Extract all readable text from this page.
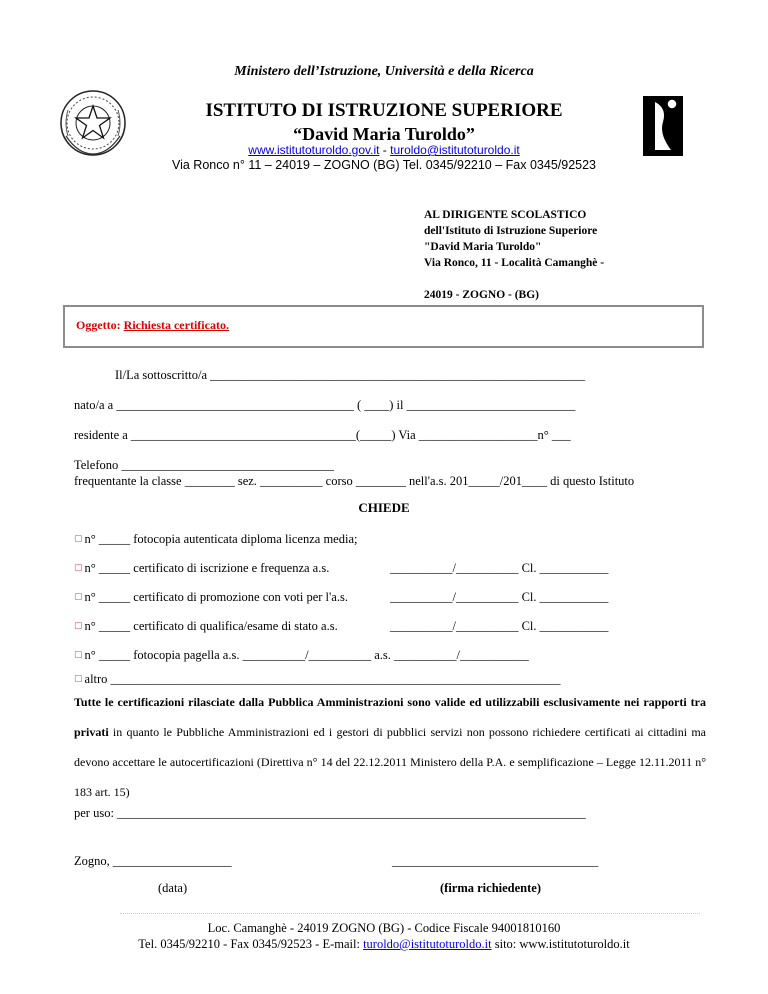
Ministero dell’Istruzione, Università e della Ricerca
ISTITUTO DI ISTRUZIONE SUPERIORE
“David Maria Turoldo”
www.istitutoturoldo.gov.it - turoldo@istitutoturoldo.it
Via Ronco n° 11 – 24019 – ZOGNO (BG) Tel. 0345/92210 – Fax 0345/92523
AL DIRIGENTE SCOLASTICO
dell'Istituto di Istruzione Superiore
"David Maria Turoldo"
Via Ronco, 11 - Località Camanghè -
24019 - ZOGNO - (BG)
Oggetto: Richiesta certificato.
Il/La sottoscritto/a ____________________________________________________________
nato/a a ______________________________________ ( ____) il ___________________________
residente a ____________________________________(_____) Via ___________________n° ___
Telefono __________________________________
frequentante la classe ________ sez. __________ corso ________ nell'a.s. 201_____/201____ di questo Istituto
CHIEDE
▢ n° _____ fotocopia autenticata diploma licenza media;
▢ n° _____ certificato di iscrizione e frequenza a.s.	__________/__________ Cl. ___________
▢ n° _____ certificato di promozione con voti per l'a.s.	__________/__________ Cl. ___________
▢ n° _____ certificato di qualifica/esame di stato a.s.	__________/__________ Cl. ___________
▢ n° _____ fotocopia pagella a.s. __________/__________ a.s. __________/___________
▢ altro ________________________________________________________________________
Tutte le certificazioni rilasciate dalla Pubblica Amministrazioni sono valide ed utilizzabili esclusivamente nei rapporti tra privati in quanto le Pubbliche Amministrazioni ed i gestori di pubblici servizi non possono richiedere certificati ai cittadini ma devono accettare le autocertificazioni (Direttiva n° 14 del 22.12.2011 Ministero della P.A. e semplificazione – Legge 12.11.2011 n° 183 art. 15)
per uso: ___________________________________________________________________________
Zogno, ___________________	_________________________________
(data)	(firma richiedente)
Loc. Camanghè - 24019 ZOGNO (BG) - Codice Fiscale 94001810160
Tel. 0345/92210 - Fax 0345/92523 - E-mail: turoldo@istitutoturoldo.it sito: www.istitutoturoldo.it
